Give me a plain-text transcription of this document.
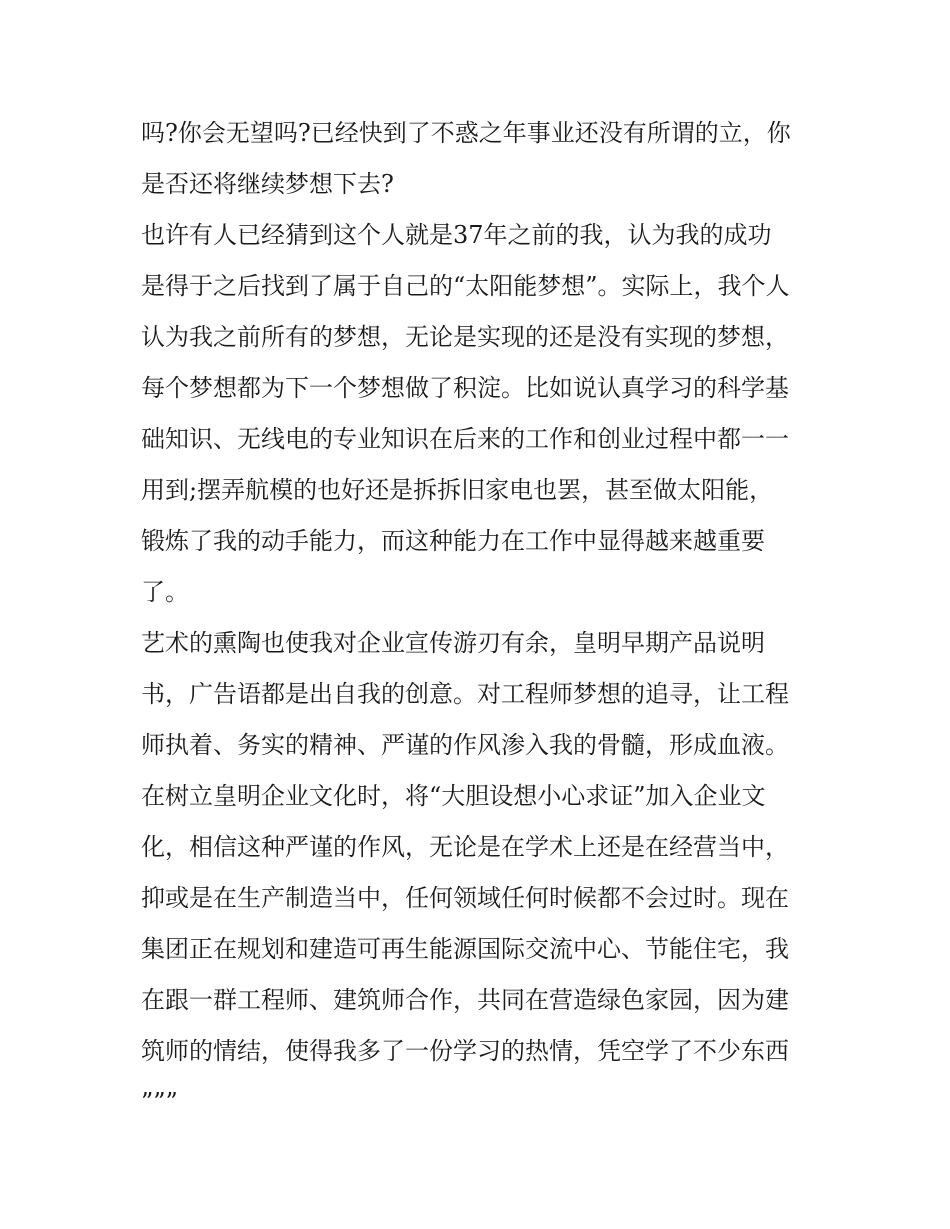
吗?你会无望吗?已经快到了不惑之年事业还没有所谓的立，你
是否还将继续梦想下去?
也许有人已经猜到这个人就是37年之前的我，认为我的成功
是得于之后找到了属于自己的“太阳能梦想”。实际上，我个人
认为我之前所有的梦想，无论是实现的还是没有实现的梦想，
每个梦想都为下一个梦想做了积淀。比如说认真学习的科学基
础知识、无线电的专业知识在后来的工作和创业过程中都一一
用到;摆弄航模的也好还是拆拆旧家电也罢，甚至做太阳能，
锻炼了我的动手能力，而这种能力在工作中显得越来越重要
了。
艺术的熏陶也使我对企业宣传游刃有余，皇明早期产品说明
书，广告语都是出自我的创意。对工程师梦想的追寻，让工程
师执着、务实的精神、严谨的作风渗入我的骨髓，形成血液。
在树立皇明企业文化时，将“大胆设想小心求证”加入企业文
化，相信这种严谨的作风，无论是在学术上还是在经营当中，
抑或是在生产制造当中，任何领域任何时候都不会过时。现在
集团正在规划和建造可再生能源国际交流中心、节能住宅，我
在跟一群工程师、建筑师合作，共同在营造绿色家园，因为建
筑师的情结，使得我多了一份学习的热情，凭空学了不少东西
”””
